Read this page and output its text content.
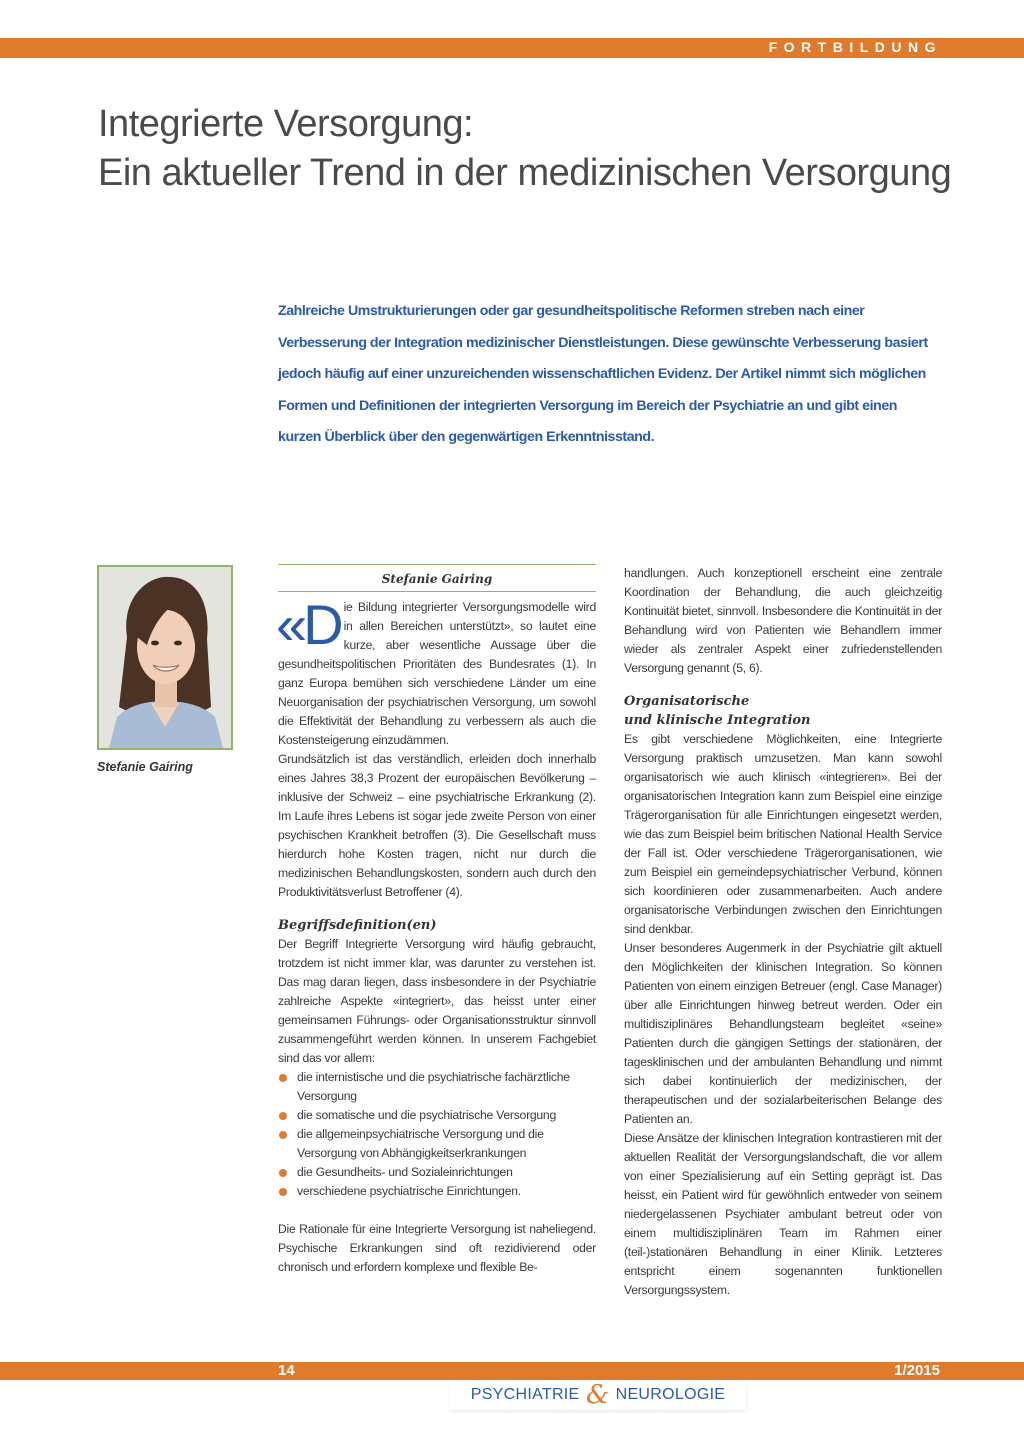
FORTBILDUNG
Integrierte Versorgung:
Ein aktueller Trend in der medizinischen Versorgung

Zahlreiche Umstrukturierungen oder gar gesundheitspolitische Reformen streben nach einer Verbesserung der Integration medizinischer Dienstleistungen. Diese gewünschte Verbesserung basiert jedoch häufig auf einer unzureichenden wissenschaftlichen Evidenz. Der Artikel nimmt sich möglichen Formen und Definitionen der integrierten Versorgung im Bereich der Psychiatrie an und gibt einen kurzen Überblick über den gegenwärtigen Erkenntnisstand.

Stefanie Gairing
Stefanie Gairing
«D ie Bildung integrierter Versorgungsmodelle wird in allen Bereichen unterstützt», so lautet eine kurze, aber wesentliche Aussage über die gesundheitspolitischen Prioritäten des Bundesrates (1). In ganz Europa bemühen sich verschiedene Länder um eine Neuorganisation der psychiatrischen Versorgung, um sowohl die Effektivität der Behandlung zu verbessern als auch die Kostensteigerung einzudämmen.

Grundsätzlich ist das verständlich, erleiden doch innerhalb eines Jahres 38,3 Prozent der europäischen Bevölkerung – inklusive der Schweiz – eine psychiatrische Erkrankung (2). Im Laufe ihres Lebens ist sogar jede zweite Person von einer psychischen Krankheit betroffen (3). Die Gesellschaft muss hierdurch hohe Kosten tragen, nicht nur durch die medizinischen Behandlungskosten, sondern auch durch den Produktivitätsverlust Betroffener (4).

Begriffsdefinition(en)

Der Begriff Integrierte Versorgung wird häufig gebraucht, trotzdem ist nicht immer klar, was darunter zu verstehen ist. Das mag daran liegen, dass insbesondere in der Psychiatrie zahlreiche Aspekte «integriert», das heisst unter einer gemeinsamen Führungs- oder Organisationsstruktur sinnvoll zusammengeführt werden können. In unserem Fachgebiet sind das vor allem:

die internistische und die psychiatrische fachärztliche Versorgung
die somatische und die psychiatrische Versorgung
die allgemeinpsychiatrische Versorgung und die Versorgung von Abhängigkeitserkrankungen
die Gesundheits- und Sozialeinrichtungen
verschiedene psychiatrische Einrichtungen.

Die Rationale für eine Integrierte Versorgung ist naheliegend. Psychische Erkrankungen sind oft rezidivierend oder chronisch und erfordern komplexe und flexible Be-

handlungen. Auch konzeptionell erscheint eine zentrale Koordination der Behandlung, die auch gleichzeitig Kontinuität bietet, sinnvoll. Insbesondere die Kontinuität in der Behandlung wird von Patienten wie Behandlern immer wieder als zentraler Aspekt einer zufriedenstellenden Versorgung genannt (5, 6).

Organisatorische
und klinische Integration

Es gibt verschiedene Möglichkeiten, eine Integrierte Versorgung praktisch umzusetzen. Man kann sowohl organisatorisch wie auch klinisch «integrieren». Bei der organisatorischen Integration kann zum Beispiel eine einzige Trägerorganisation für alle Einrichtungen eingesetzt werden, wie das zum Beispiel beim britischen National Health Service der Fall ist. Oder verschiedene Trägerorganisationen, wie zum Beispiel ein gemeindepsychiatrischer Verbund, können sich koordinieren oder zusammenarbeiten. Auch andere organisatorische Verbindungen zwischen den Einrichtungen sind denkbar.

Unser besonderes Augenmerk in der Psychiatrie gilt aktuell den Möglichkeiten der klinischen Integration. So können Patienten von einem einzigen Betreuer (engl. Case Manager) über alle Einrichtungen hinweg betreut werden. Oder ein multidisziplinäres Behandlungsteam begleitet «seine» Patienten durch die gängigen Settings der stationären, der tagesklinischen und der ambulanten Behandlung und nimmt sich dabei kontinuierlich der medizinischen, der therapeutischen und der sozialarbeiterischen Belange des Patienten an.

Diese Ansätze der klinischen Integration kontrastieren mit der aktuellen Realität der Versorgungslandschaft, die vor allem von einer Spezialisierung auf ein Setting geprägt ist. Das heisst, ein Patient wird für gewöhnlich entweder von seinem niedergelassenen Psychiater ambulant betreut oder von einem multidisziplinären Team im Rahmen einer (teil-)stationären Behandlung in einer Klinik. Letzteres entspricht einem sogenannten funktionellen Versorgungssystem.

14	1/2015
PSYCHIATRIE & NEUROLOGIE
